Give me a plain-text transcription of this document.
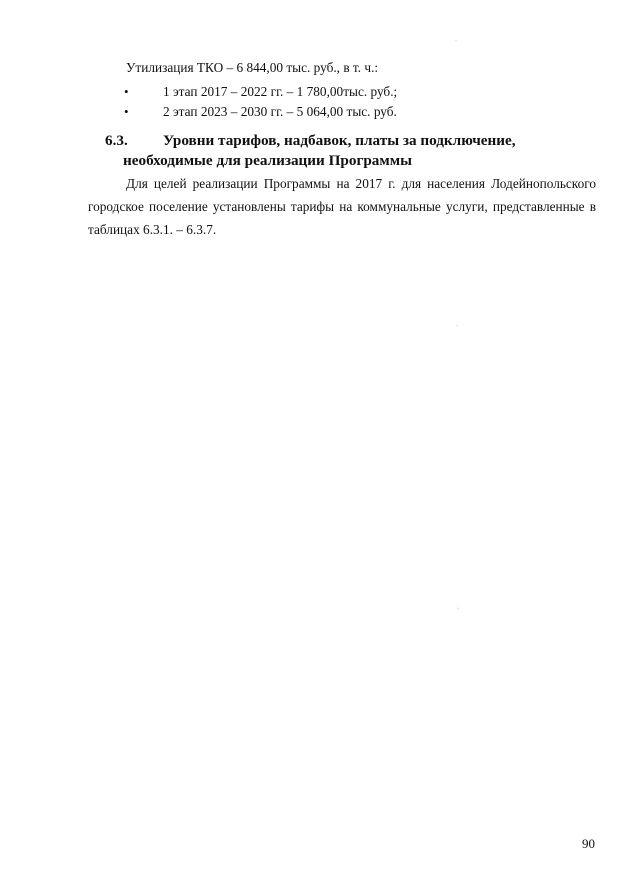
·
·
·
Утилизация ТКО – 6 844,00 тыс. руб., в т. ч.:
•	1 этап 2017 – 2022 гг. – 1 780,00тыс. руб.;
•	2 этап 2023 – 2030 гг. – 5 064,00 тыс. руб.
6.3. Уровни тарифов, надбавок, платы за подключение,
необходимые для реализации Программы
Для целей реализации Программы на 2017 г. для населения Лодейнопольского
городское поселение установлены тарифы на коммунальные услуги, представленные в
таблицах 6.3.1. – 6.3.7.
90
